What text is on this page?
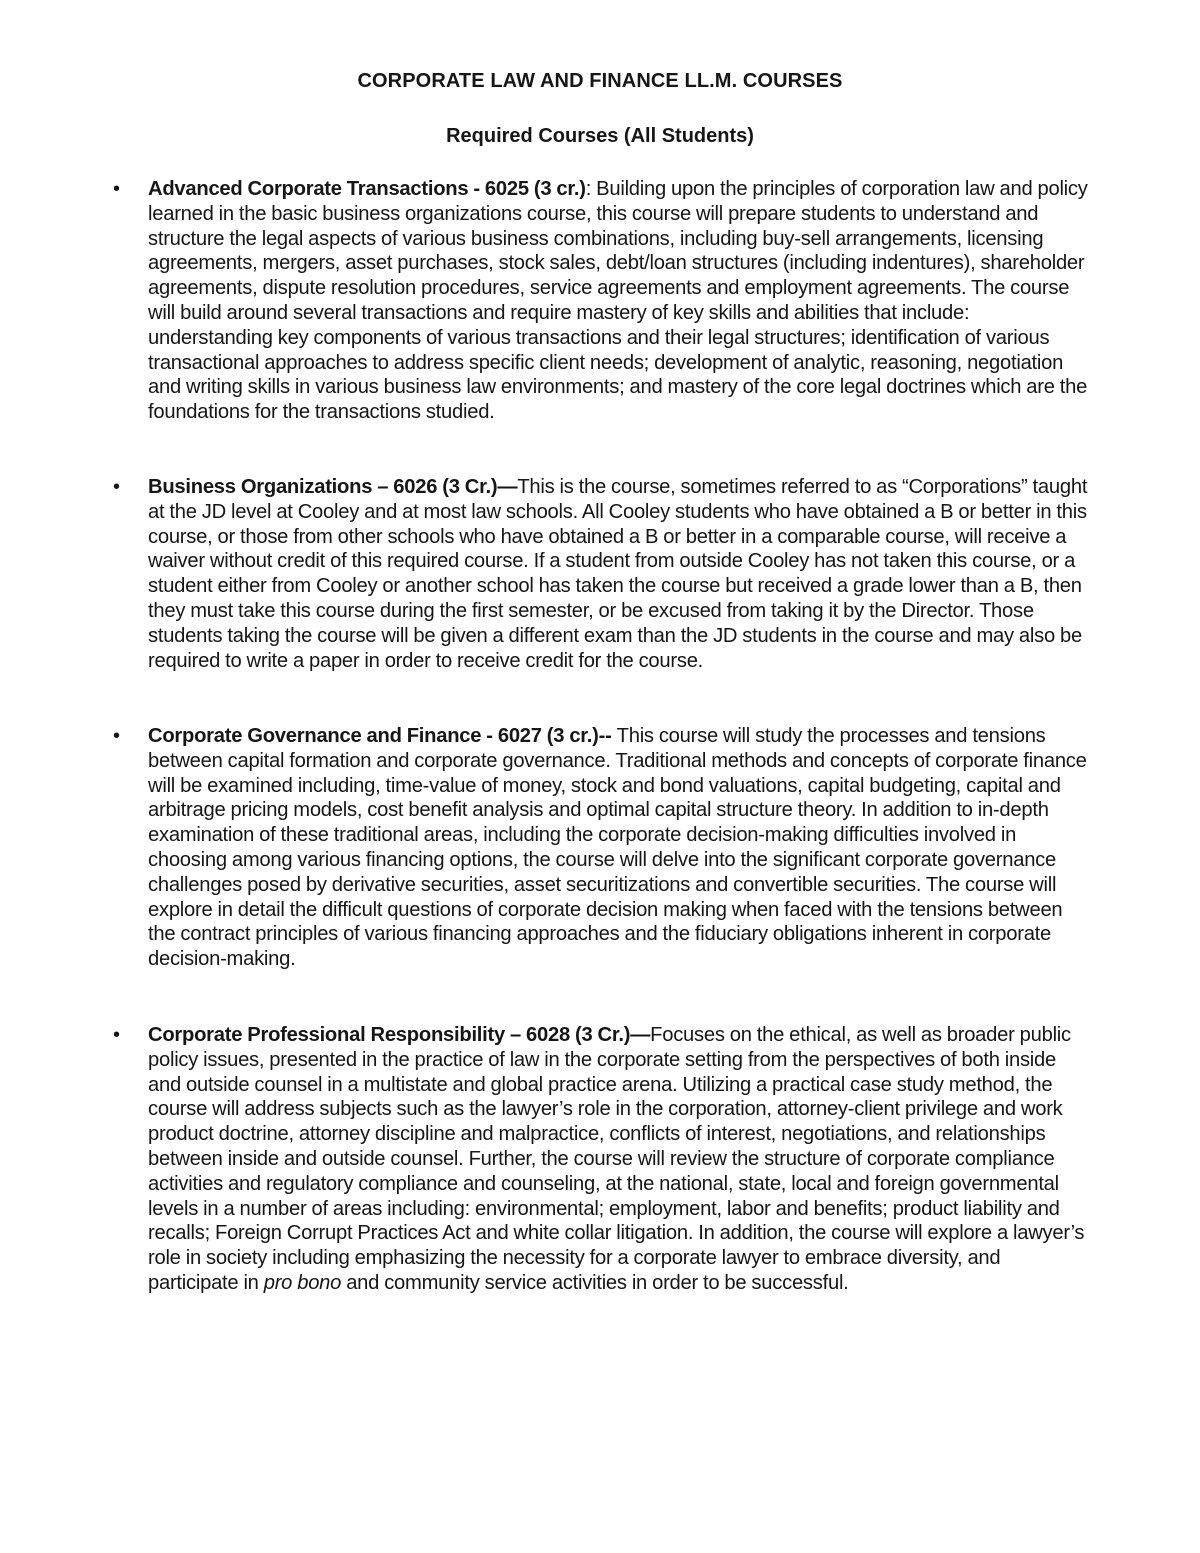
CORPORATE LAW AND FINANCE LL.M. COURSES
Required Courses (All Students)
• Advanced Corporate Transactions - 6025 (3 cr.): Building upon the principles of corporation law and policy learned in the basic business organizations course, this course will prepare students to understand and structure the legal aspects of various business combinations, including buy-sell arrangements, licensing agreements, mergers, asset purchases, stock sales, debt/loan structures (including indentures), shareholder agreements, dispute resolution procedures, service agreements and employment agreements. The course will build around several transactions and require mastery of key skills and abilities that include: understanding key components of various transactions and their legal structures; identification of various transactional approaches to address specific client needs; development of analytic, reasoning, negotiation and writing skills in various business law environments; and mastery of the core legal doctrines which are the foundations for the transactions studied.
• Business Organizations – 6026 (3 Cr.)—This is the course, sometimes referred to as “Corporations” taught at the JD level at Cooley and at most law schools. All Cooley students who have obtained a B or better in this course, or those from other schools who have obtained a B or better in a comparable course, will receive a waiver without credit of this required course. If a student from outside Cooley has not taken this course, or a student either from Cooley or another school has taken the course but received a grade lower than a B, then they must take this course during the first semester, or be excused from taking it by the Director. Those students taking the course will be given a different exam than the JD students in the course and may also be required to write a paper in order to receive credit for the course.
• Corporate Governance and Finance - 6027 (3 cr.)-- This course will study the processes and tensions between capital formation and corporate governance. Traditional methods and concepts of corporate finance will be examined including, time-value of money, stock and bond valuations, capital budgeting, capital and arbitrage pricing models, cost benefit analysis and optimal capital structure theory. In addition to in-depth examination of these traditional areas, including the corporate decision-making difficulties involved in choosing among various financing options, the course will delve into the significant corporate governance challenges posed by derivative securities, asset securitizations and convertible securities. The course will explore in detail the difficult questions of corporate decision making when faced with the tensions between the contract principles of various financing approaches and the fiduciary obligations inherent in corporate decision-making.
• Corporate Professional Responsibility – 6028 (3 Cr.)—Focuses on the ethical, as well as broader public policy issues, presented in the practice of law in the corporate setting from the perspectives of both inside and outside counsel in a multistate and global practice arena. Utilizing a practical case study method, the course will address subjects such as the lawyer’s role in the corporation, attorney-client privilege and work product doctrine, attorney discipline and malpractice, conflicts of interest, negotiations, and relationships between inside and outside counsel. Further, the course will review the structure of corporate compliance activities and regulatory compliance and counseling, at the national, state, local and foreign governmental levels in a number of areas including: environmental; employment, labor and benefits; product liability and recalls; Foreign Corrupt Practices Act and white collar litigation. In addition, the course will explore a lawyer’s role in society including emphasizing the necessity for a corporate lawyer to embrace diversity, and participate in pro bono and community service activities in order to be successful.
